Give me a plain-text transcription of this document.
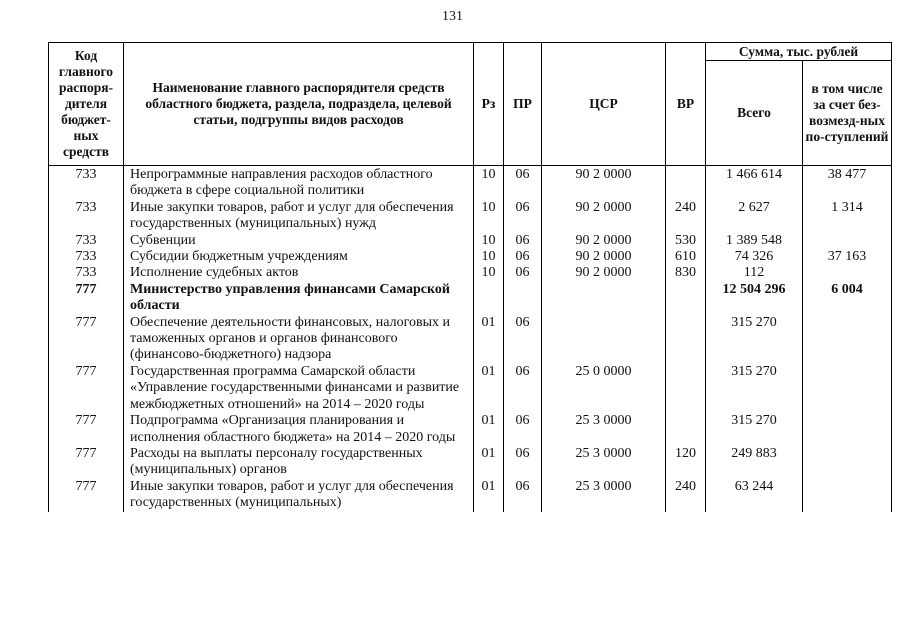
131
Код главного распоря-дителя бюджет-ных средств	Наименование главного распорядителя средств областного бюджета, раздела, подраздела, целевой статьи, подгруппы видов расходов	Рз	ПР	ЦСР	ВР	Сумма, тыс. рублей	
						Всего	в том числе за счет без-возмезд-ных по-ступлений
733	Непрограммные направления расходов областного бюджета в сфере социальной политики	10	06	90 2 0000		1 466 614	38 477
733	Иные закупки товаров, работ и услуг для обеспечения государственных (муниципальных) нужд	10	06	90 2 0000	240	2 627	1 314
733	Субвенции	10	06	90 2 0000	530	1 389 548	
733	Субсидии бюджетным учреждениям	10	06	90 2 0000	610	74 326	37 163
733	Исполнение судебных актов	10	06	90 2 0000	830	112	
777	Министерство управления финансами Самарской области					12 504 296	6 004
777	Обеспечение деятельности финансовых, налоговых и таможенных органов и органов финансового (финансово-бюджетного) надзора	01	06			315 270	
777	Государственная программа Самарской области «Управление государственными финансами и развитие межбюджетных отношений» на 2014 – 2020 годы	01	06	25 0 0000		315 270	
777	Подпрограмма «Организация планирования и исполнения областного бюджета» на 2014 – 2020 годы	01	06	25 3 0000		315 270	
777	Расходы на выплаты персоналу государственных (муниципальных) органов	01	06	25 3 0000	120	249 883	
777	Иные закупки товаров, работ и услуг для обеспечения государственных (муниципальных)	01	06	25 3 0000	240	63 244	
